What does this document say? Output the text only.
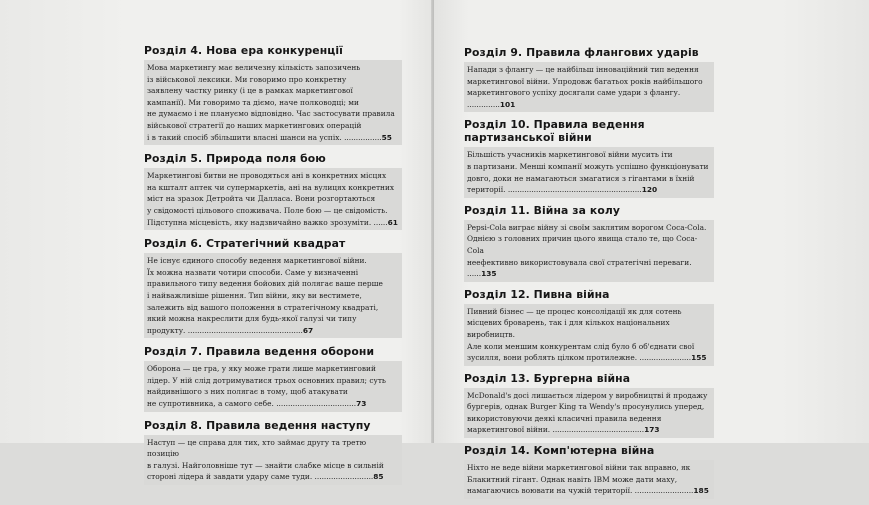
Розділ 4. Нова ера конкуренції
Мова маркетингу має величезну кількість запозичень
із військової лексики. Ми говоримо про конкретну
заявлену частку ринку (і це в рамках маркетингової
кампанії). Ми говоримо та діємо, наче полководці; ми
не думаємо і не плануємо відповідно. Час застосувати правила
військової стратегії до наших маркетингових операцій
і в такий спосіб збільшити власні шанси на успіх. ................55
Розділ 5. Природа поля бою
Маркетингові битви не проводяться ані в конкретних місцях
на кшталт аптек чи супермаркетів, ані на вулицях конкретних
міст на зразок Детройта чи Далласа. Вони розгортаються
у свідомості цільового споживача. Поле бою — це свідомість.
Підступна місцевість, яку надзвичайно важко зрозуміти. ......61
Розділ 6. Стратегічний квадрат
Не існує єдиного способу ведення маркетингової війни.
Їх можна назвати чотири способи. Саме у визначенні
правильного типу ведення бойових дій полягає ваше перше
і найважливіше рішення. Тип війни, яку ви вестимете,
залежить від вашого положення в стратегічному квадраті,
який можна накреслити для будь-якої галузі чи типу
продукту. .................................................67
Розділ 7. Правила ведення оборони
Оборона — це гра, у яку може грати лише маркетинговий
лідер. У ній слід дотримуватися трьох основних правил; суть
найдивнішого з них полягає в тому, щоб атакувати
не супротивника, а самого себе. ..................................73
Розділ 8. Правила ведення наступу
Наступ — це справа для тих, хто займає другу та третю позицію
в галузі. Найголовніше тут — знайти слабке місце в сильній
стороні лідера й завдати удару саме туди. .........................85
Розділ 9. Правила флангових ударів
Напади з флангу — це найбільш інноваційний тип ведення
маркетингової війни. Упродовж багатьох років найбільшого
маркетингового успіху досягали саме удари з флангу. ..............101
Розділ 10. Правила ведення
партизанської війни
Більшість учасників маркетингової війни мусить іти
в партизани. Менші компанії можуть успішно функціонувати
довго, доки не намагаються змагатися з гігантами в їхній
території. .........................................................120
Розділ 11. Війна за колу
Pepsi-Cola виграє війну зі своїм заклятим ворогом Coca-Cola.
Однією з головних причин цього явища стало те, що Coca-Cola
неефективно використовувала свої стратегічні переваги. ......135
Розділ 12. Пивна війна
Пивний бізнес — це процес консолідації як для сотень
місцевих броварень, так і для кількох національних виробництв.
Але коли меншим конкурентам слід було б об'єднати свої
зусилля, вони роблять цілком протилежне. ......................155
Розділ 13. Бургерна війна
McDonald's досі лишається лідером у виробництві й продажу
бургерів, однак Burger King та Wendy's просунулись уперед,
використовуючи деякі класичні правила ведення
маркетингової війни. .......................................173
Розділ 14. Комп'ютерна війна
Ніхто не веде війни маркетингової війни так вправно, як
Блакитний гігант. Однак навіть IBM може дати маху,
намагаючись воювати на чужій території. .........................185
